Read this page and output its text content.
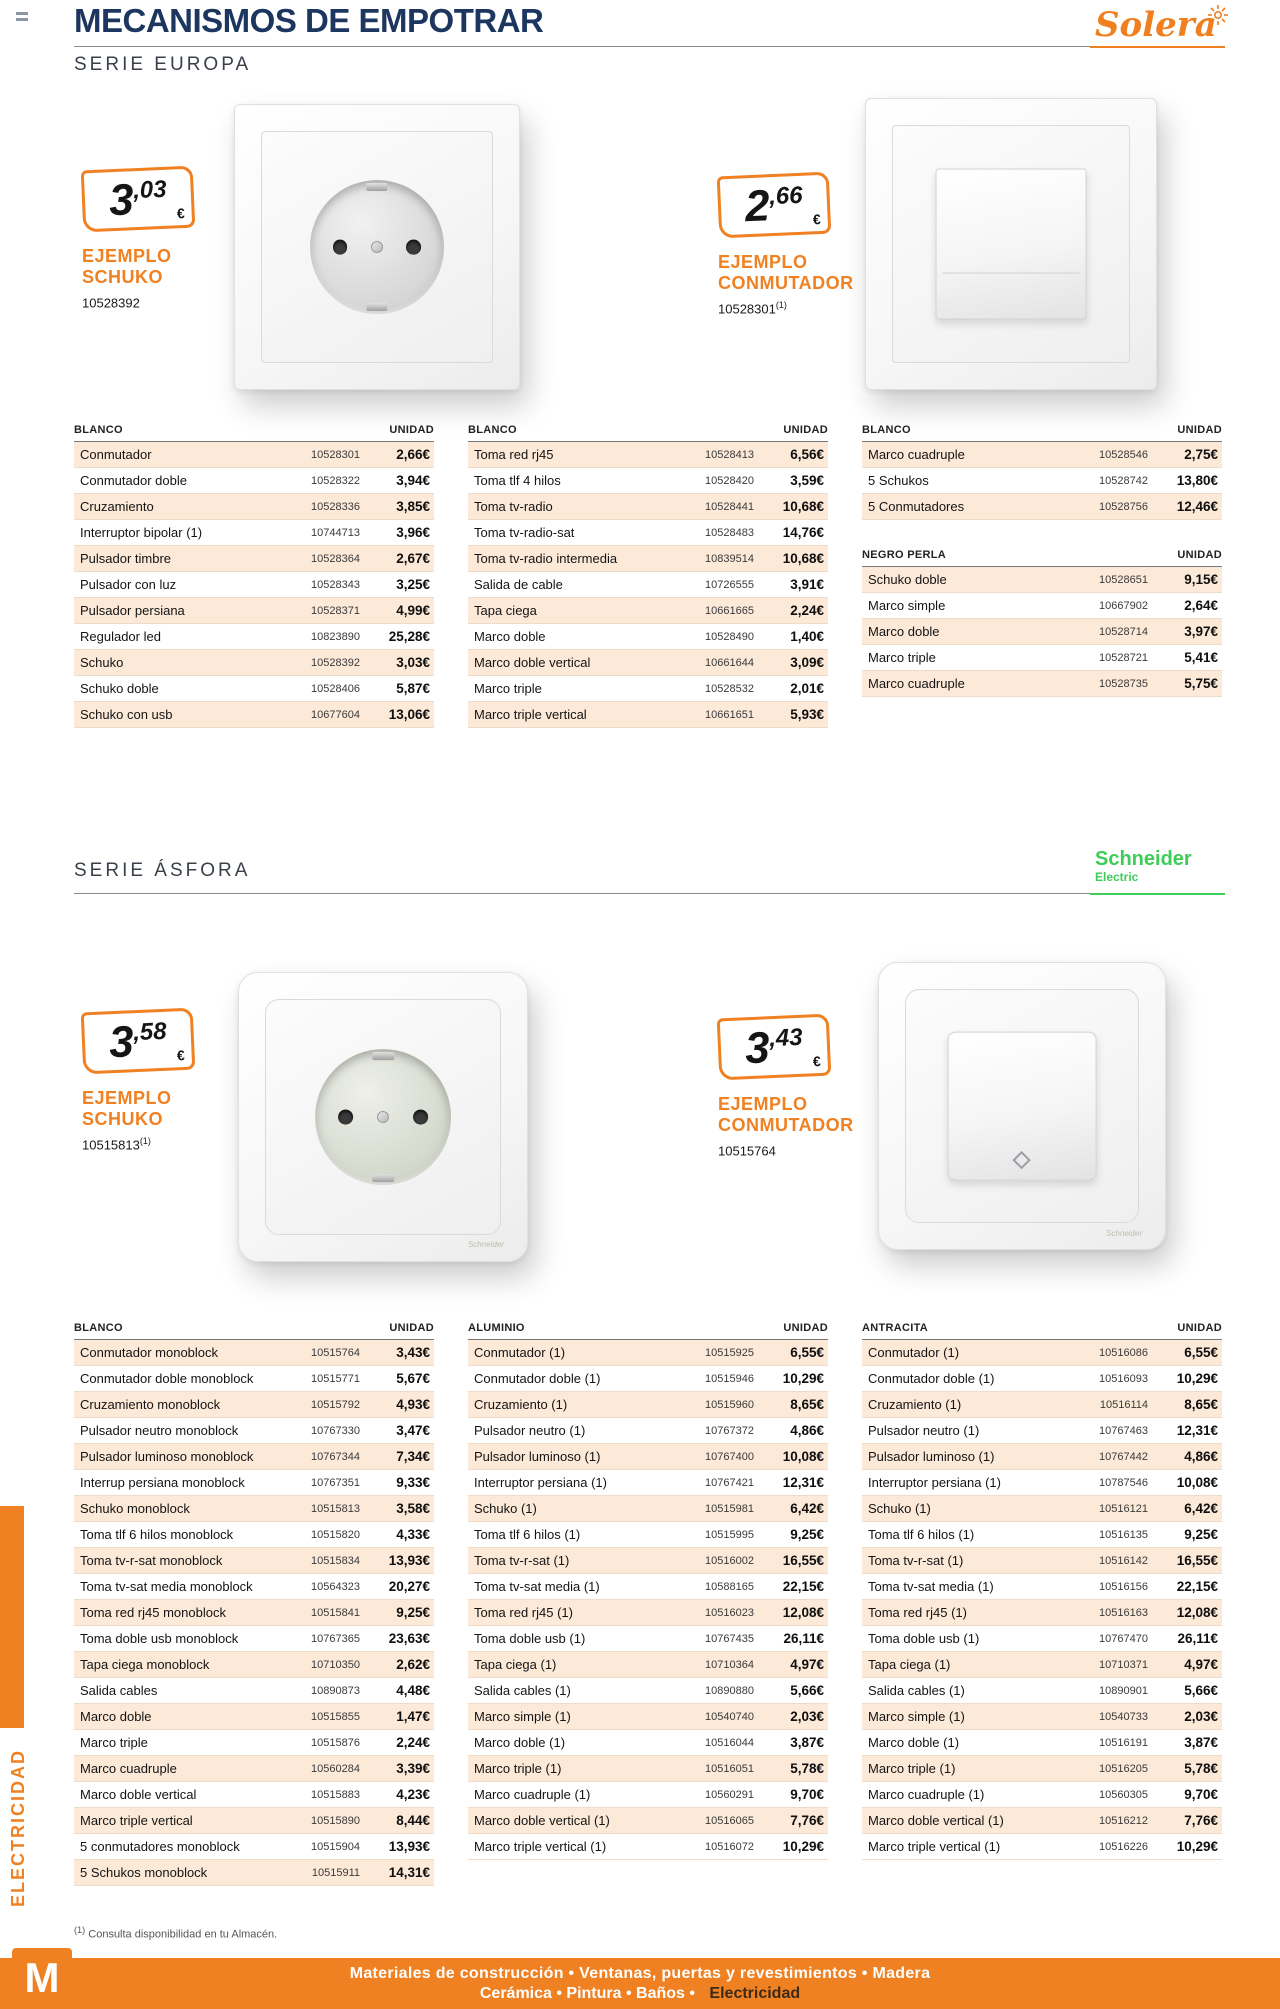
MECANISMOS DE EMPOTRAR
SERIE EUROPA
Solera
3,03
€
EJEMPLO
SCHUKO
10528392
2,66
€
EJEMPLO
CONMUTADOR
10528301$^{(1)}$
BLANCO	UNIDAD
Conmutador	10528301	2,66€
Conmutador doble	10528322	3,94€
Cruzamiento	10528336	3,85€
Interruptor bipolar (1)	10744713	3,96€
Pulsador timbre	10528364	2,67€
Pulsador con luz	10528343	3,25€
Pulsador persiana	10528371	4,99€
Regulador led	10823890	25,28€
Schuko	10528392	3,03€
Schuko doble	10528406	5,87€
Schuko con usb	10677604	13,06€
BLANCO	UNIDAD
Toma red rj45	10528413	6,56€
Toma tlf 4 hilos	10528420	3,59€
Toma tv-radio	10528441	10,68€
Toma tv-radio-sat	10528483	14,76€
Toma tv-radio intermedia	10839514	10,68€
Salida de cable	10726555	3,91€
Tapa ciega	10661665	2,24€
Marco doble	10528490	1,40€
Marco doble vertical	10661644	3,09€
Marco triple	10528532	2,01€
Marco triple vertical	10661651	5,93€
BLANCO	UNIDAD
Marco cuadruple	10528546	2,75€
5 Schukos	10528742	13,80€
5 Conmutadores	10528756	12,46€
NEGRO PERLA	UNIDAD
Schuko doble	10528651	9,15€
Marco simple	10667902	2,64€
Marco doble	10528714	3,97€
Marco triple	10528721	5,41€
Marco cuadruple	10528735	5,75€
SERIE ÁSFORA
Schneider
Electric
Schneider
Schneider
3,58
€
EJEMPLO
SCHUKO
10515813$^{(1)}$
3,43
€
EJEMPLO
CONMUTADOR
10515764
BLANCO	UNIDAD
Conmutador monoblock	10515764	3,43€
Conmutador doble monoblock	10515771	5,67€
Cruzamiento monoblock	10515792	4,93€
Pulsador neutro monoblock	10767330	3,47€
Pulsador luminoso monoblock	10767344	7,34€
Interrup persiana monoblock	10767351	9,33€
Schuko monoblock	10515813	3,58€
Toma tlf 6 hilos monoblock	10515820	4,33€
Toma tv-r-sat monoblock	10515834	13,93€
Toma tv-sat media monoblock	10564323	20,27€
Toma red rj45 monoblock	10515841	9,25€
Toma doble usb monoblock	10767365	23,63€
Tapa ciega monoblock	10710350	2,62€
Salida cables	10890873	4,48€
Marco doble	10515855	1,47€
Marco triple	10515876	2,24€
Marco cuadruple	10560284	3,39€
Marco doble vertical	10515883	4,23€
Marco triple vertical	10515890	8,44€
5 conmutadores monoblock	10515904	13,93€
5 Schukos monoblock	10515911	14,31€
ALUMINIO	UNIDAD
Conmutador (1)	10515925	6,55€
Conmutador doble (1)	10515946	10,29€
Cruzamiento (1)	10515960	8,65€
Pulsador neutro (1)	10767372	4,86€
Pulsador luminoso (1)	10767400	10,08€
Interruptor persiana (1)	10767421	12,31€
Schuko (1)	10515981	6,42€
Toma tlf 6 hilos (1)	10515995	9,25€
Toma tv-r-sat (1)	10516002	16,55€
Toma tv-sat media (1)	10588165	22,15€
Toma red rj45 (1)	10516023	12,08€
Toma doble usb (1)	10767435	26,11€
Tapa ciega (1)	10710364	4,97€
Salida cables (1)	10890880	5,66€
Marco simple (1)	10540740	2,03€
Marco doble (1)	10516044	3,87€
Marco triple (1)	10516051	5,78€
Marco cuadruple (1)	10560291	9,70€
Marco doble vertical (1)	10516065	7,76€
Marco triple vertical (1)	10516072	10,29€
ANTRACITA	UNIDAD
Conmutador (1)	10516086	6,55€
Conmutador doble (1)	10516093	10,29€
Cruzamiento (1)	10516114	8,65€
Pulsador neutro (1)	10767463	12,31€
Pulsador luminoso (1)	10767442	4,86€
Interruptor persiana (1)	10787546	10,08€
Schuko (1)	10516121	6,42€
Toma tlf 6 hilos (1)	10516135	9,25€
Toma tv-r-sat (1)	10516142	16,55€
Toma tv-sat media (1)	10516156	22,15€
Toma red rj45 (1)	10516163	12,08€
Toma doble usb (1)	10767470	26,11€
Tapa ciega (1)	10710371	4,97€
Salida cables (1)	10890901	5,66€
Marco simple (1)	10540733	2,03€
Marco doble (1)	10516191	3,87€
Marco triple (1)	10516205	5,78€
Marco cuadruple (1)	10560305	9,70€
Marco doble vertical (1)	10516212	7,76€
Marco triple vertical (1)	10516226	10,29€
$^{(1)}$ Consulta disponibilidad en tu Almacén.
ELECTRICIDAD
Materiales de construcción • Ventanas, puertas y revestimientos • Madera
Cerámica • Pintura • Baños • Electricidad
M
